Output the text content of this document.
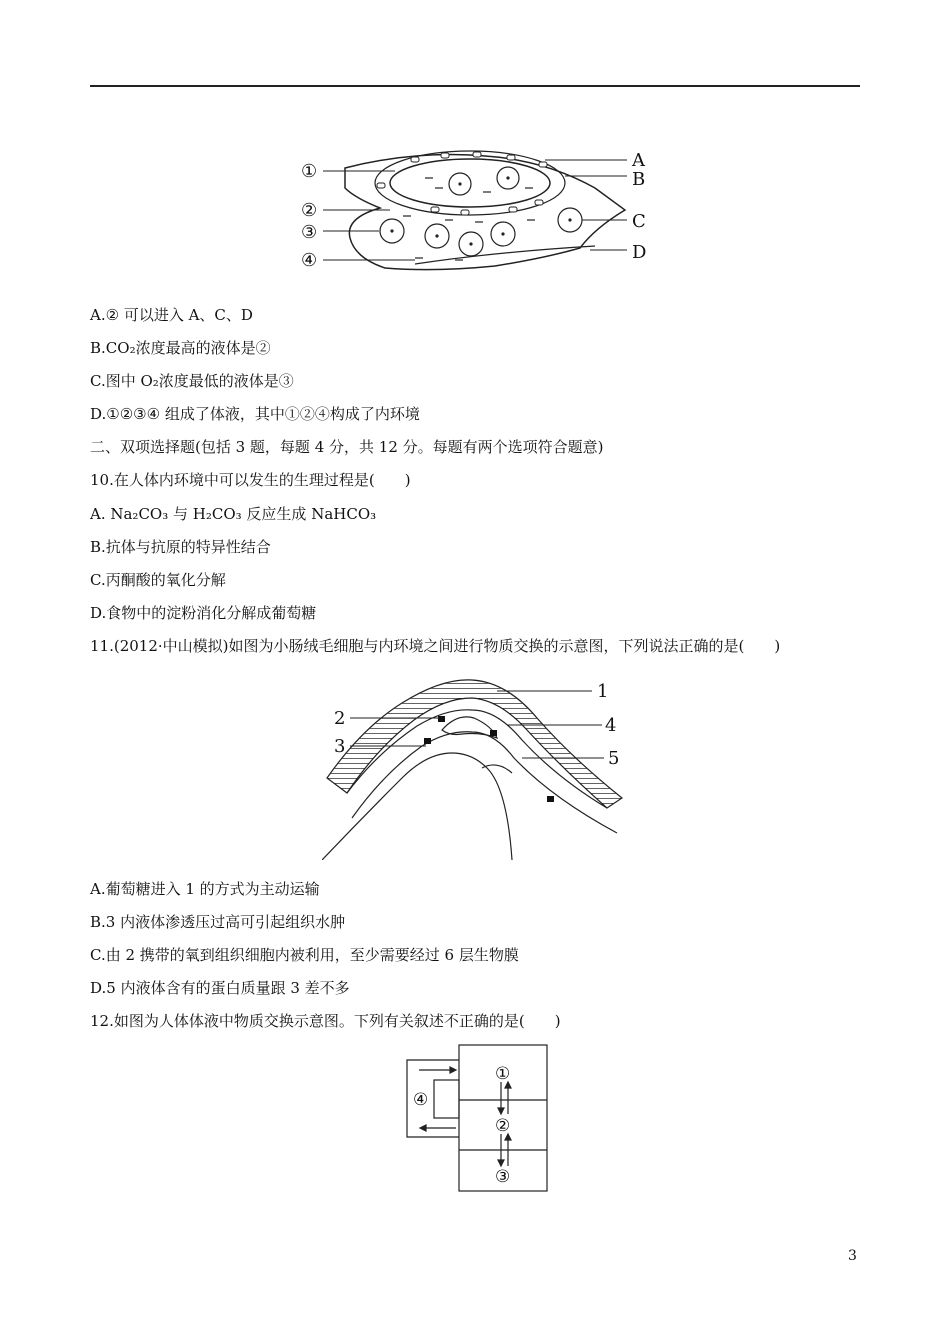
①
②
③
④
A
B
C
D
A.② 可以进入 A、C、D
B.CO₂浓度最高的液体是②
C.图中 O₂浓度最低的液体是③
D.①②③④ 组成了体液，其中①②④构成了内环境
二、双项选择题(包括 3 题，每题 4 分，共 12 分。每题有两个选项符合题意)
10.在人体内环境中可以发生的生理过程是(　　)
A. Na₂CO₃ 与 H₂CO₃ 反应生成 NaHCO₃
B.抗体与抗原的特异性结合
C.丙酮酸的氧化分解
D.食物中的淀粉消化分解成葡萄糖
11.(2012·中山模拟)如图为小肠绒毛细胞与内环境之间进行物质交换的示意图，下列说法正确的是(　　)
1
2
3
4
5
A.葡萄糖进入 1 的方式为主动运输
B.3 内液体渗透压过高可引起组织水肿
C.由 2 携带的氧到组织细胞内被利用，至少需要经过 6 层生物膜
D.5 内液体含有的蛋白质量跟 3 差不多
12.如图为人体体液中物质交换示意图。下列有关叙述不正确的是(　　)
①
②
③
④
3
